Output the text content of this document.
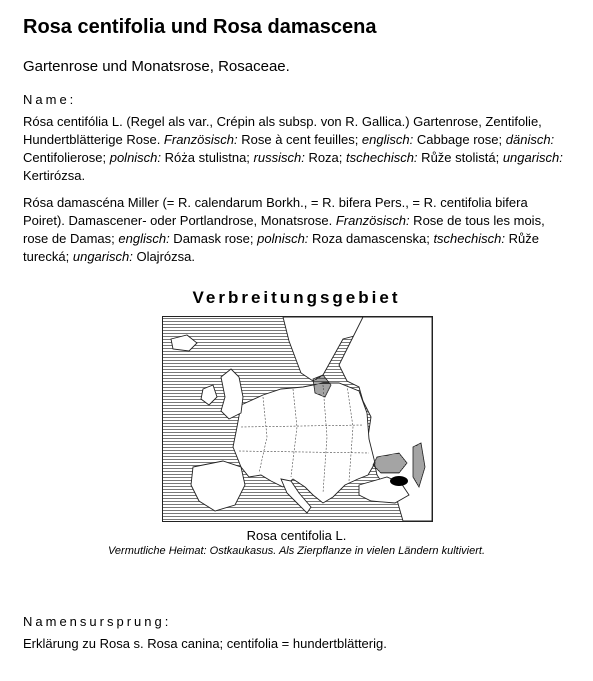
Rosa centifolia und Rosa damascena
Gartenrose und Monatsrose, Rosaceae.
Name:
Rósa centifólia L. (Regel als var., Crépin als subsp. von R. Gallica.) Gartenrose, Zentifolie, Hundertblätterige Rose. Französisch: Rose à cent feuilles; englisch: Cabbage rose; dänisch: Centifolierose; polnisch: Róża stulistna; russisch: Roza; tschechisch: Růže stolistá; ungarisch: Kertirózsa.
Rósa damascéna Miller (= R. calendarum Borkh., = R. bifera Pers., = R. centifolia bifera Poiret). Damascener- oder Portlandrose, Monatsrose. Französisch: Rose de tous les mois, rose de Damas; englisch: Damask rose; polnisch: Roza damascenska; tschechisch: Růže turecká; ungarisch: Olajrózsa.
Verbreitungsgebiet
Rosa centifolia L.
Vermutliche Heimat: Ostkaukasus. Als Zierpflanze in vielen Ländern kultiviert.
Namensursprung:
Erklärung zu Rosa s. Rosa canina; centifolia = hundertblätterig.
